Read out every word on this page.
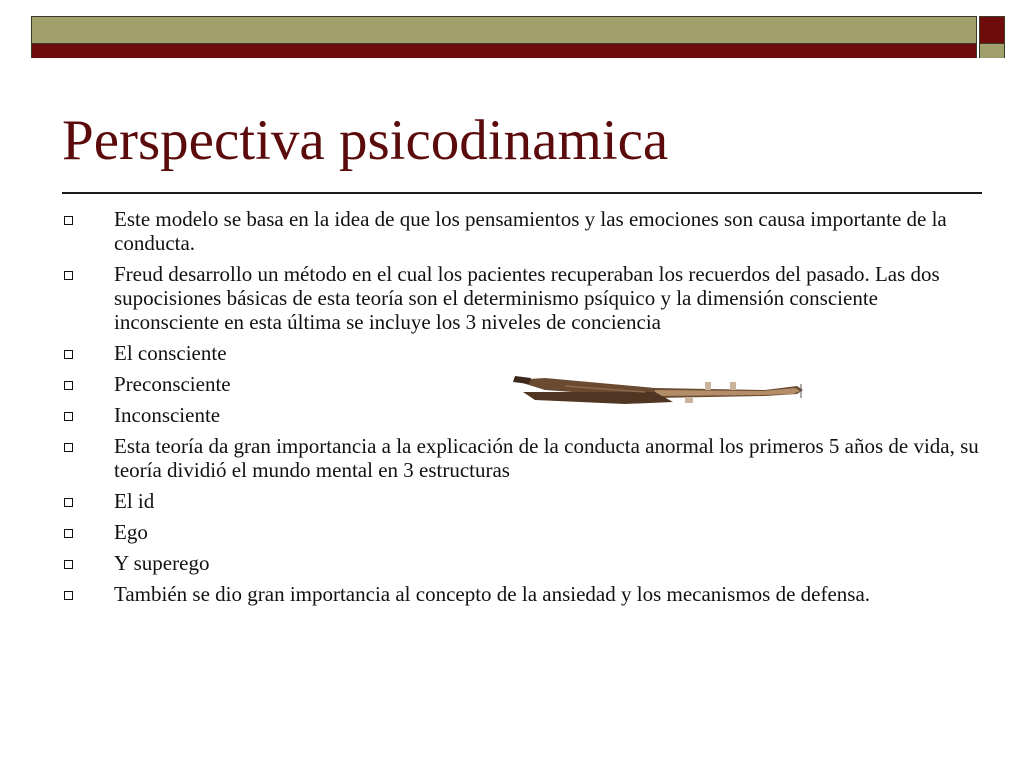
Perspectiva psicodinamica
Este modelo se basa en la idea de que los pensamientos y las emociones son causa importante de la conducta.
Freud desarrollo un método en el cual los pacientes recuperaban los recuerdos del pasado. Las dos supocisiones básicas de esta teoría son el determinismo psíquico y la dimensión consciente inconsciente en esta última se incluye los 3 niveles de conciencia
El consciente
Preconsciente
Inconsciente
Esta teoría da gran importancia a la explicación de la conducta anormal los primeros 5 años de vida, su teoría dividió el mundo mental en 3 estructuras
El id
Ego
Y superego
También se dio gran importancia al concepto de la ansiedad y los mecanismos de defensa.
